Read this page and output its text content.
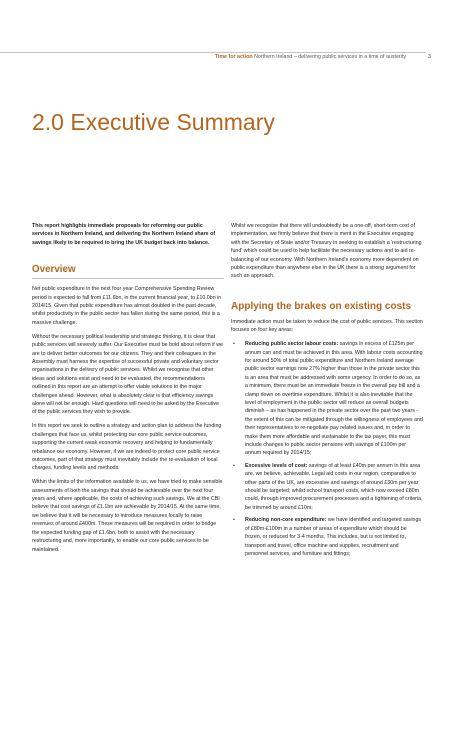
Time for action Northern Ireland – delivering public services in a time of austerity	3
2.0 Executive Summary

This report highlights immediate proposals for reforming our public services in Northern Ireland, and delivering the Northern Ireland share of savings likely to be required to bring the UK budget back into balance.

Overview

Net public expenditure in the next four year Comprehensive Spending Review period is expected to fall from £11.6bn, in the current financial year, to £10.0bn in 2014/15. Given that public expenditure has almost doubled in the past decade, whilst productivity in the public sector has fallen during the same period, this is a massive challenge.

Without the necessary political leadership and strategic thinking, it is clear that public services will severely suffer. Our Executive must be bold about reform if we are to deliver better outcomes for our citizens. They and their colleagues in the Assembly must harness the expertise of successful private and voluntary sector organisations in the delivery of public services. Whilst we recognise that other ideas and solutions exist and need to be evaluated, the recommendations outlined in this report are an attempt to offer viable solutions to the major challenges ahead. However, what is absolutely clear is that efficiency savings alone will not be enough. Hard questions will need to be asked by the Executive of the public services they wish to provide.

In this report we seek to outline a strategy and action plan to address the funding challenges that face us, whilst protecting our core public service outcomes, supporting the current weak economic recovery and helping to fundamentally rebalance our economy. However, if we are indeed to protect core public service outcomes, part of that strategy must inevitably include the re-evaluation of local charges, funding levels and methods.

Within the limits of the information available to us, we have tried to make sensible assessments of both the savings that should be achievable over the next four years and, where applicable, the costs of achieving such savings. We at the CBI believe that cost savings of £1.1bn are achievable by 2014/15. At the same time, we believe that it will be necessary to introduce measures locally to raise revenues of around £400m. These measures will be required in order to bridge the expected funding gap of £1.6bn, both to assist with the necessary restructuring and, more importantly, to enable our core public services to be maintained.

Whilst we recognise that there will undoubtedly be a one-off, short-term cost of implementation, we firmly believe that there is merit in the Executive engaging with the Secretary of State and/or Treasury in seeking to establish a 'restructuring fund' which could be used to help facilitate the necessary actions and to aid re-balancing of our economy. With Northern Ireland's economy more dependent on public expenditure than anywhere else in the UK there is a strong argument for such an approach.

Applying the brakes on existing costs

Immediate action must be taken to reduce the cost of public services. This section focuses on four key areas:

• Reducing public sector labour costs: savings in excess of £125m per annum can and must be achieved in this area. With labour costs accounting for around 50% of total public expenditure and Northern Ireland average public sector earnings now 27% higher than those in the private sector this is an area that must be addressed with some urgency. In order to do so, as a minimum, there must be an immediate freeze in the overall pay bill and a clamp down on overtime expenditure. Whilst it is also inevitable that the level of employment in the public sector will reduce as overall budgets diminish – as has happened in the private sector over the past two years -the extent of this can be mitigated through the willingness of employees and their representatives to re-negotiate pay related issues and, in order to make them more affordable and sustainable to the tax payer, this must include changes to public sector pensions with savings of £100m per annum required by 2014/15;
• Excessive levels of cost: savings of at least £40m per annum in this area are, we believe, achievable. Legal aid costs in our region, comparative to other parts of the UK, are excessive and savings of around £30m per year should be targeted; whilst school transport costs, which now exceed £80m could, through improved procurement processes and a tightening of criteria, be trimmed by around £10m;
• Reducing non-core expenditure: we have identified and targeted savings of £80m-£100m in a number of areas of expenditure which should be frozen, or reduced for 3-4 months. This includes, but is not limited to, transport and travel, office machine and supplies, recruitment and personnel services, and furniture and fittings;
